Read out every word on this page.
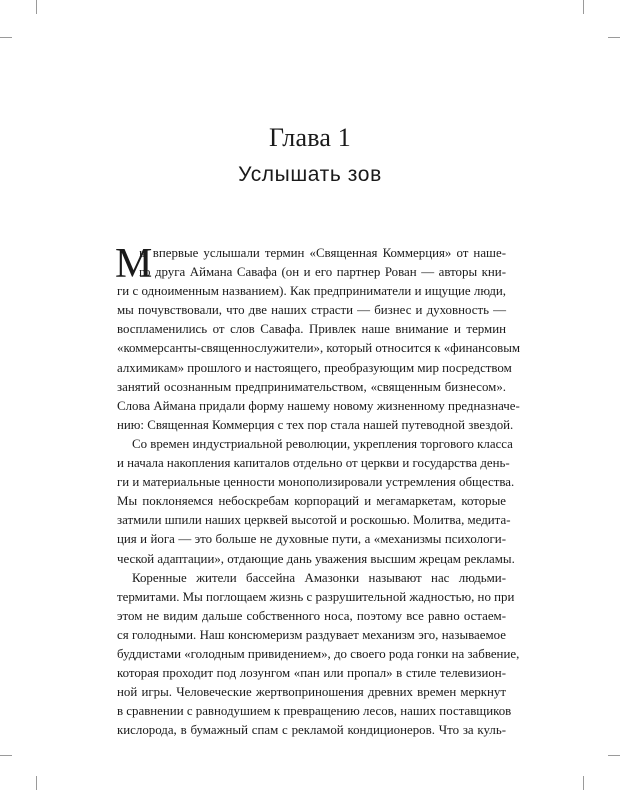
Глава 1
Услышать зов
М
ы впервые услышали термин «Священная Коммерция» от наше-
го друга Аймана Савафа (он и его партнер Рован — авторы кни-
ги с одноименным названием). Как предприниматели и ищущие люди,
мы почувствовали, что две наших страсти — бизнес и духовность —
воспламенились от слов Савафа. Привлек наше внимание и термин
«коммерсанты-священнослужители», который относится к «финансовым
алхимикам» прошлого и настоящего, преобразующим мир посредством
занятий осознанным предпринимательством, «священным бизнесом».
Слова Аймана придали форму нашему новому жизненному предназначе-
нию: Священная Коммерция с тех пор стала нашей путеводной звездой.
Со времен индустриальной революции, укрепления торгового класса
и начала накопления капиталов отдельно от церкви и государства день-
ги и материальные ценности монополизировали устремления общества.
Мы поклоняемся небоскребам корпораций и мегамаркетам, которые
затмили шпили наших церквей высотой и роскошью. Молитва, медита-
ция и йога — это больше не духовные пути, а «механизмы психологи-
ческой адаптации», отдающие дань уважения высшим жрецам рекламы.
Коренные жители бассейна Амазонки называют нас людьми-
термитами. Мы поглощаем жизнь с разрушительной жадностью, но при
этом не видим дальше собственного носа, поэтому все равно остаем-
ся голодными. Наш консюмеризм раздувает механизм эго, называемое
буддистами «голодным привидением», до своего рода гонки на забвение,
которая проходит под лозунгом «пан или пропал» в стиле телевизион-
ной игры. Человеческие жертвоприношения древних времен меркнут
в сравнении с равнодушием к превращению лесов, наших поставщиков
кислорода, в бумажный спам с рекламой кондиционеров. Что за куль-
